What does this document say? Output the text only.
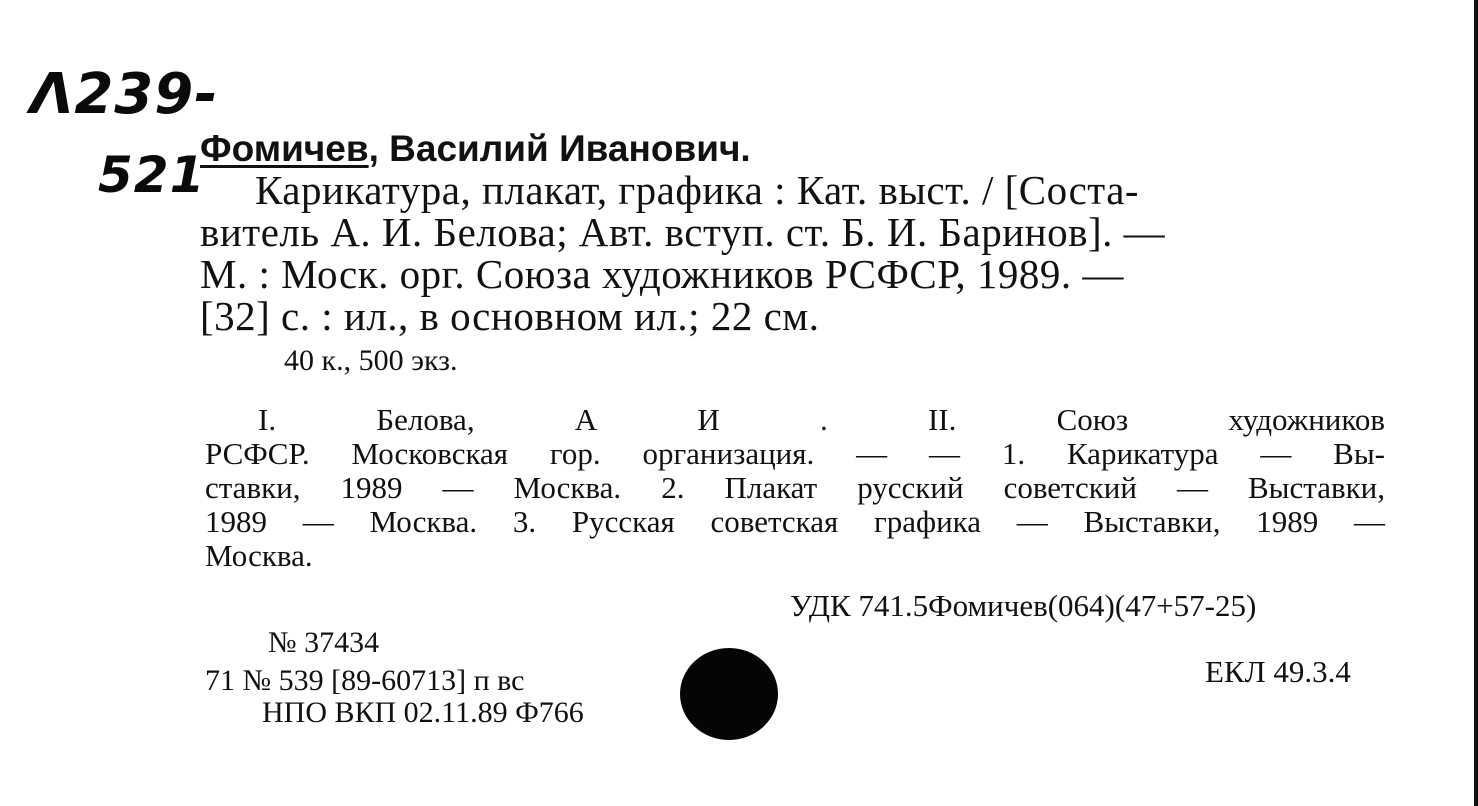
Λ239-
521
Фомичев, Василий Иванович.
Карикатура, плакат, графика : Кат. выст. / [Соста-
витель А. И. Белова; Авт. вступ. ст. Б. И. Баринов]. —
М. : Моск. орг. Союза художников РСФСР, 1989. —
[32] с. : ил., в основном ил.; 22 см.
40 к., 500 экз.
I. Белова, А И . II. Союз художников
РСФСР. Московская гор. организация. — — 1. Карикатура — Вы-
ставки, 1989 — Москва. 2. Плакат русский советский — Выставки,
1989 — Москва. 3. Русская советская графика — Выставки, 1989 —
Москва.
УДК 741.5Фомичев(064)(47+57-25)
ЕКЛ 49.3.4
№ 37434
71 № 539 [89-60713] п вс
НПО ВКП 02.11.89 Ф766
